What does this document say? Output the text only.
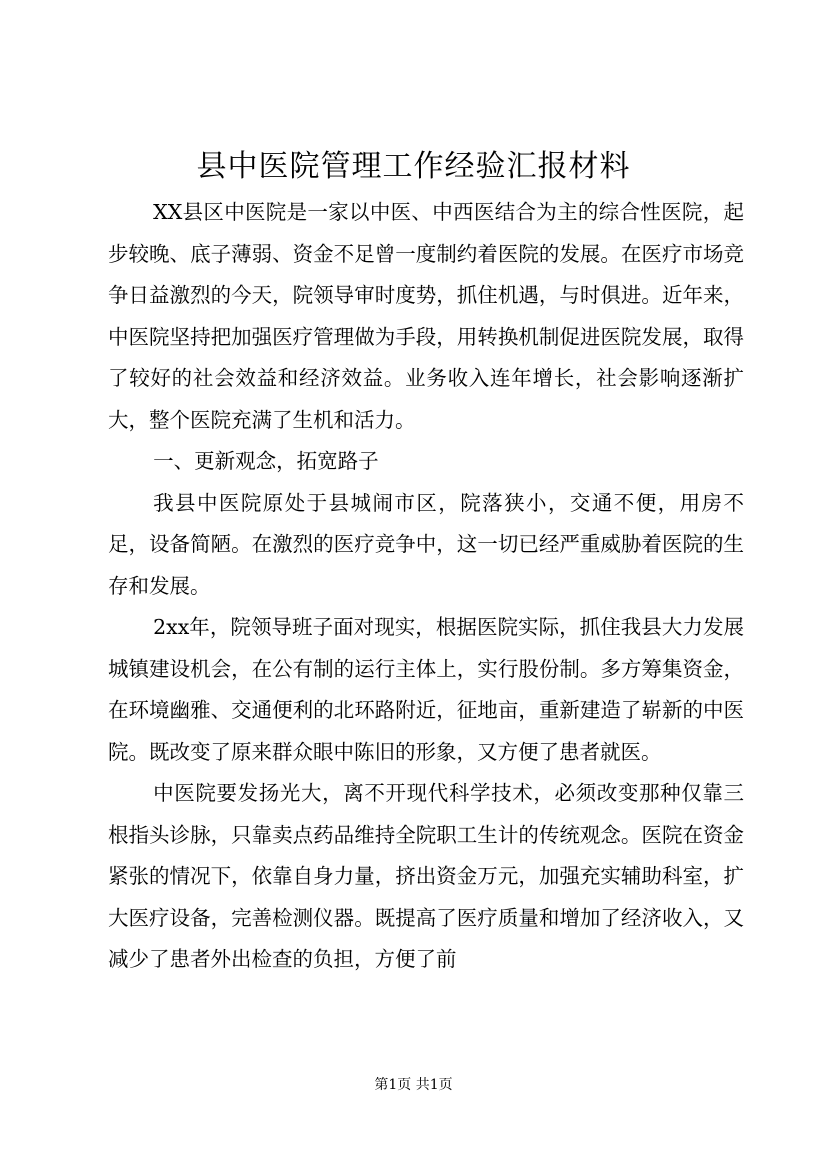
县中医院管理工作经验汇报材料

XX县区中医院是一家以中医、中西医结合为主的综合性医院，起步较晚、底子薄弱、资金不足曾一度制约着医院的发展。在医疗市场竞争日益激烈的今天，院领导审时度势，抓住机遇，与时俱进。近年来，中医院坚持把加强医疗管理做为手段，用转换机制促进医院发展，取得了较好的社会效益和经济效益。业务收入连年增长，社会影响逐渐扩大，整个医院充满了生机和活力。

一、更新观念，拓宽路子

我县中医院原处于县城闹市区，院落狭小，交通不便，用房不足，设备简陋。在激烈的医疗竞争中，这一切已经严重威胁着医院的生存和发展。

2xx年，院领导班子面对现实，根据医院实际，抓住我县大力发展城镇建设机会，在公有制的运行主体上，实行股份制。多方筹集资金，在环境幽雅、交通便利的北环路附近，征地亩，重新建造了崭新的中医院。既改变了原来群众眼中陈旧的形象，又方便了患者就医。

中医院要发扬光大，离不开现代科学技术，必须改变那种仅靠三根指头诊脉，只靠卖点药品维持全院职工生计的传统观念。医院在资金紧张的情况下，依靠自身力量，挤出资金万元，加强充实辅助科室，扩大医疗设备，完善检测仪器。既提高了医疗质量和增加了经济收入，又减少了患者外出检查的负担，方便了前

第1页 共1页
